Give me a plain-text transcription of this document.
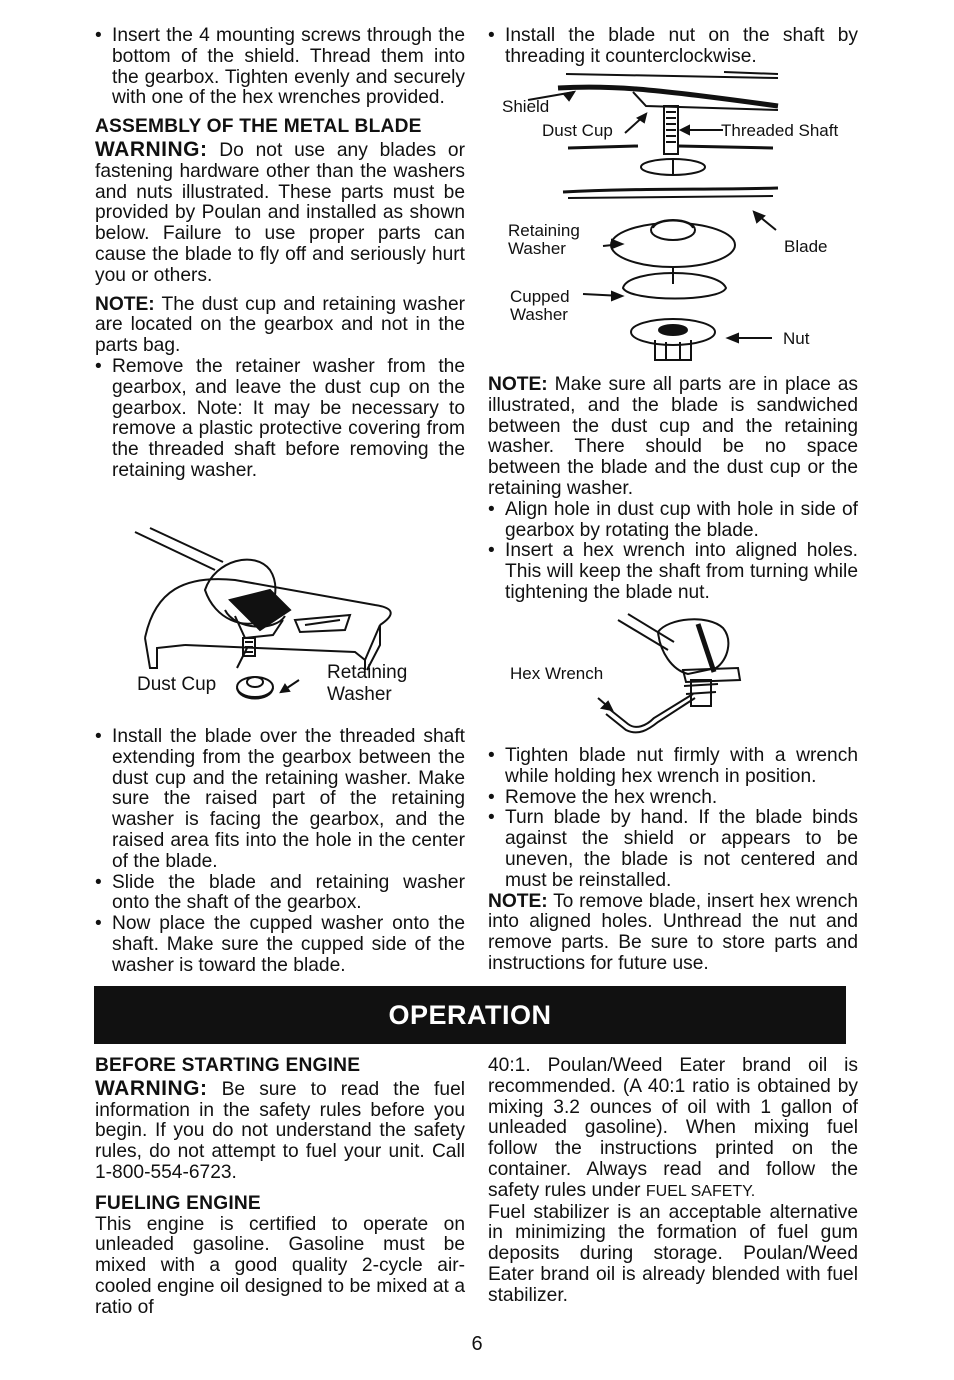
• Insert the 4 mounting screws through the bottom of the shield. Thread them into the gearbox. Tighten evenly and securely with one of the hex wrenches provided.

ASSEMBLY OF THE METAL BLADE

WARNING: Do not use any blades or fastening hardware other than the washers and nuts illustrated. These parts must be provided by Poulan and installed as shown below. Failure to use proper parts can cause the blade to fly off and seriously hurt you or others.

NOTE: The dust cup and retaining washer are located on the gearbox and not in the parts bag.

• Remove the retainer washer from the gearbox, and leave the dust cup on the gearbox. Note: It may be necessary to remove a plastic protective covering from the threaded shaft before removing the retaining washer.

Dust Cup
Retaining
Washer

• Install the blade over the threaded shaft extending from the gearbox between the dust cup and the retaining washer. Make sure the raised part of the retaining washer is facing the gearbox, and the raised area fits into the hole in the center of the blade.

• Slide the blade and retaining washer onto the shaft of the gearbox.

• Now place the cupped washer onto the shaft. Make sure the cupped side of the washer is toward the blade.

• Install the blade nut on the shaft by threading it counterclockwise.

Shield
Dust Cup	Threaded Shaft
Retaining
Washer	Blade
Cupped
Washer
Nut

NOTE: Make sure all parts are in place as illustrated, and the blade is sandwiched between the dust cup and the retaining washer. There should be no space between the blade and the dust cup or the retaining washer.

• Align hole in dust cup with hole in side of gearbox by rotating the blade.

• Insert a hex wrench into aligned holes. This will keep the shaft from turning while tightening the blade nut.

Hex Wrench

• Tighten blade nut firmly with a wrench while holding hex wrench in position.

• Remove the hex wrench.

• Turn blade by hand. If the blade binds against the shield or appears to be uneven, the blade is not centered and must be reinstalled.

NOTE: To remove blade, insert hex wrench into aligned holes. Unthread the nut and remove parts. Be sure to store parts and instructions for future use.

OPERATION
BEFORE STARTING ENGINE

WARNING: Be sure to read the fuel information in the safety rules before you begin. If you do not understand the safety rules, do not attempt to fuel your unit. Call 1-800-554-6723.

FUELING ENGINE

This engine is certified to operate on unleaded gasoline. Gasoline must be mixed with a good quality 2-cycle air-cooled engine oil designed to be mixed at a ratio of

40:1. Poulan/Weed Eater brand oil is recommended. (A 40:1 ratio is obtained by mixing 3.2 ounces of oil with 1 gallon of unleaded gasoline). When mixing fuel follow the instructions printed on the container. Always read and follow the safety rules under FUEL SAFETY.

Fuel stabilizer is an acceptable alternative in minimizing the formation of fuel gum deposits during storage. Poulan/Weed Eater brand oil is already blended with fuel stabilizer.

6
